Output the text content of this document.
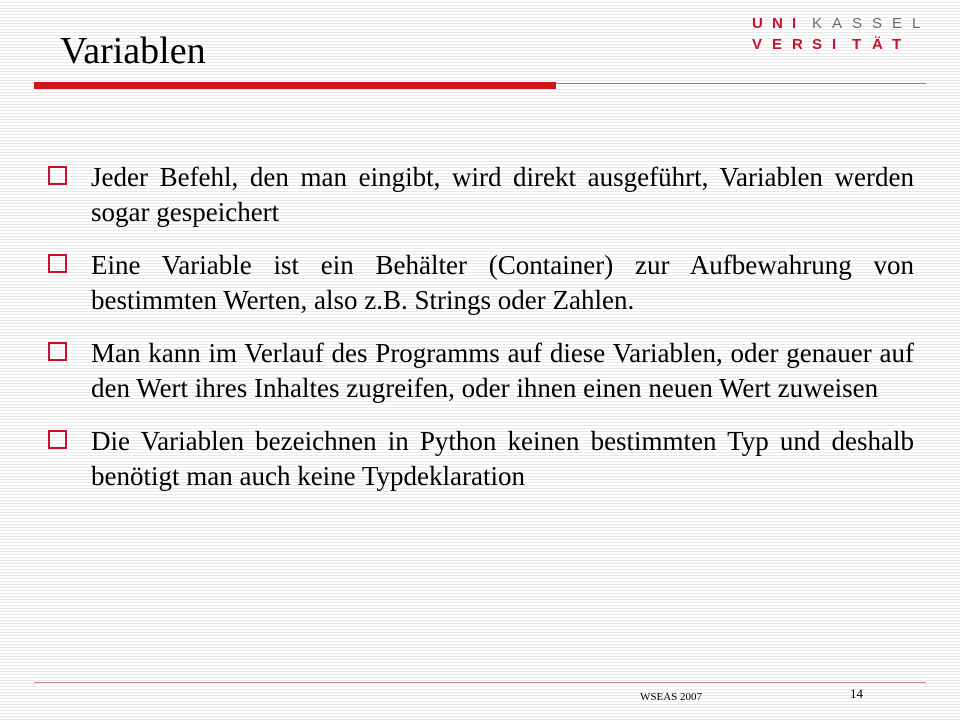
Variablen
U N I	K A S S E L
V E R S I	T Ä T
Jeder Befehl, den man eingibt, wird direkt ausgeführt, Variablen werden sogar gespeichert
Eine Variable ist ein Behälter (Container) zur Aufbewahrung von bestimmten Werten, also z.B. Strings oder Zahlen.
Man kann im Verlauf des Programms auf diese Variablen, oder genauer auf den Wert ihres Inhaltes zugreifen, oder ihnen einen neuen Wert zuweisen
Die Variablen bezeichnen in Python keinen bestimmten Typ und deshalb benötigt man auch keine Typdeklaration
WSEAS 2007	14
